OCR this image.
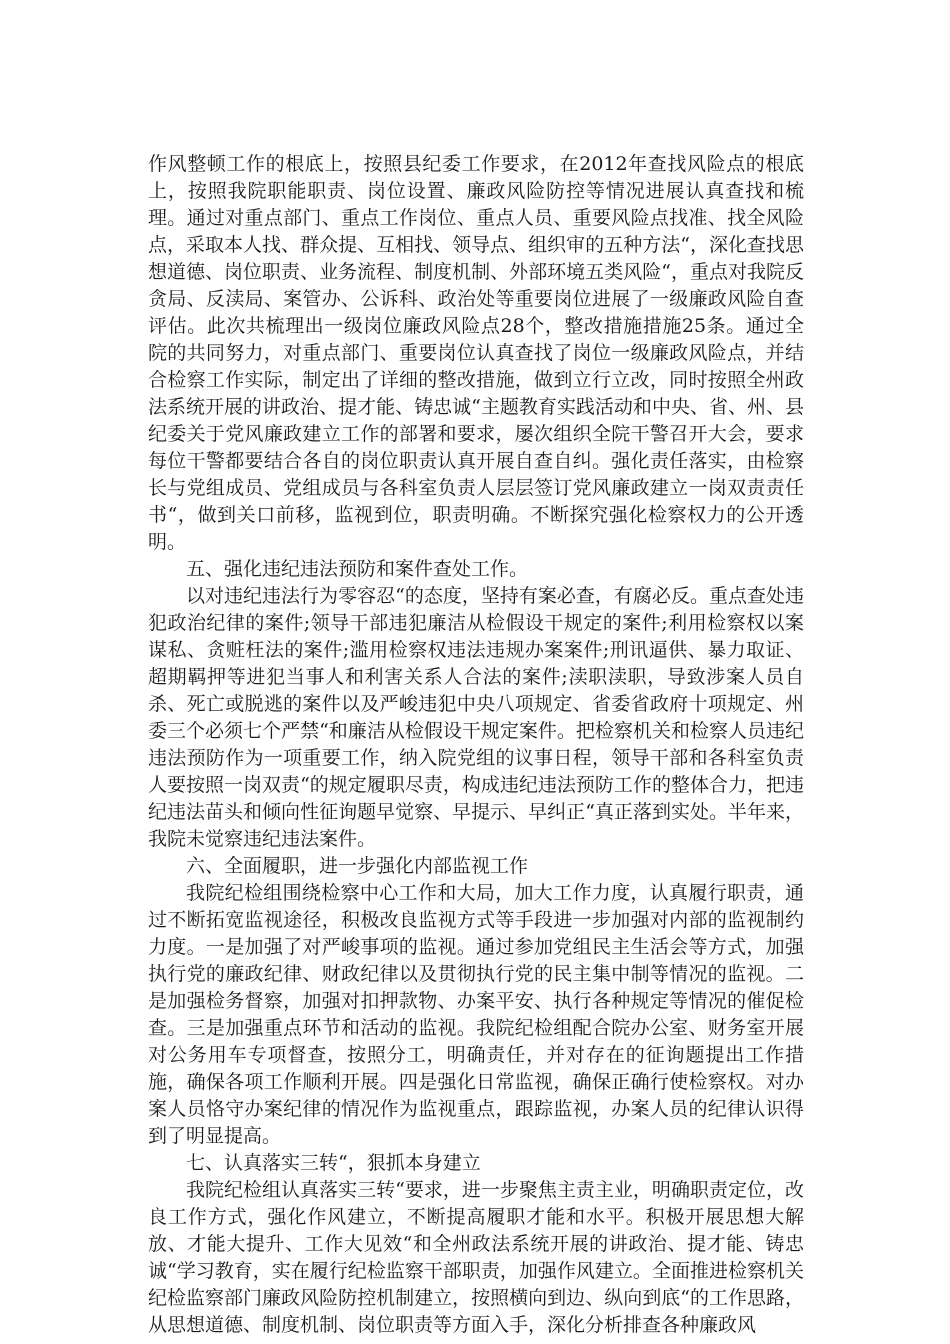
作风整顿工作的根底上，按照县纪委工作要求，在2012年查找风险点的根底上，按照我院职能职责、岗位设置、廉政风险防控等情况进展认真查找和梳理。通过对重点部门、重点工作岗位、重点人员、重要风险点找准、找全风险点，采取本人找、群众提、互相找、领导点、组织审的五种方法“，深化查找思想道德、岗位职责、业务流程、制度机制、外部环境五类风险“，重点对我院反贪局、反渎局、案管办、公诉科、政治处等重要岗位进展了一级廉政风险自查评估。此次共梳理出一级岗位廉政风险点28个，整改措施措施25条。通过全院的共同努力，对重点部门、重要岗位认真查找了岗位一级廉政风险点，并结合检察工作实际，制定出了详细的整改措施，做到立行立改，同时按照全州政法系统开展的讲政治、提才能、铸忠诚“主题教育实践活动和中央、省、州、县纪委关于党风廉政建立工作的部署和要求，屡次组织全院干警召开大会，要求每位干警都要结合各自的岗位职责认真开展自查自纠。强化责任落实，由检察长与党组成员、党组成员与各科室负责人层层签订党风廉政建立一岗双责责任书“，做到关口前移，监视到位，职责明确。不断探究强化检察权力的公开透明。

五、强化违纪违法预防和案件查处工作。

以对违纪违法行为零容忍“的态度，坚持有案必查，有腐必反。重点查处违犯政治纪律的案件;领导干部违犯廉洁从检假设干规定的案件;利用检察权以案谋私、贪赃枉法的案件;滥用检察权违法违规办案案件;刑讯逼供、暴力取证、超期羁押等进犯当事人和利害关系人合法的案件;渎职渎职，导致涉案人员自杀、死亡或脱逃的案件以及严峻违犯中央八项规定、省委省政府十项规定、州委三个必须七个严禁“和廉洁从检假设干规定案件。把检察机关和检察人员违纪违法预防作为一项重要工作，纳入院党组的议事日程，领导干部和各科室负责人要按照一岗双责“的规定履职尽责，构成违纪违法预防工作的整体合力，把违纪违法苗头和倾向性征询题早觉察、早提示、早纠正“真正落到实处。半年来，我院未觉察违纪违法案件。

六、全面履职，进一步强化内部监视工作

我院纪检组围绕检察中心工作和大局，加大工作力度，认真履行职责，通过不断拓宽监视途径，积极改良监视方式等手段进一步加强对内部的监视制约力度。一是加强了对严峻事项的监视。通过参加党组民主生活会等方式，加强执行党的廉政纪律、财政纪律以及贯彻执行党的民主集中制等情况的监视。二是加强检务督察，加强对扣押款物、办案平安、执行各种规定等情况的催促检查。三是加强重点环节和活动的监视。我院纪检组配合院办公室、财务室开展对公务用车专项督查，按照分工，明确责任，并对存在的征询题提出工作措施，确保各项工作顺利开展。四是强化日常监视，确保正确行使检察权。对办案人员恪守办案纪律的情况作为监视重点，跟踪监视，办案人员的纪律认识得到了明显提高。

七、认真落实三转“，狠抓本身建立

我院纪检组认真落实三转“要求，进一步聚焦主责主业，明确职责定位，改良工作方式，强化作风建立，不断提高履职才能和水平。积极开展思想大解放、才能大提升、工作大见效“和全州政法系统开展的讲政治、提才能、铸忠诚“学习教育，实在履行纪检监察干部职责，加强作风建立。全面推进检察机关纪检监察部门廉政风险防控机制建立，按照横向到边、纵向到底“的工作思路，从思想道德、制度机制、岗位职责等方面入手，深化分析排查各种廉政风
